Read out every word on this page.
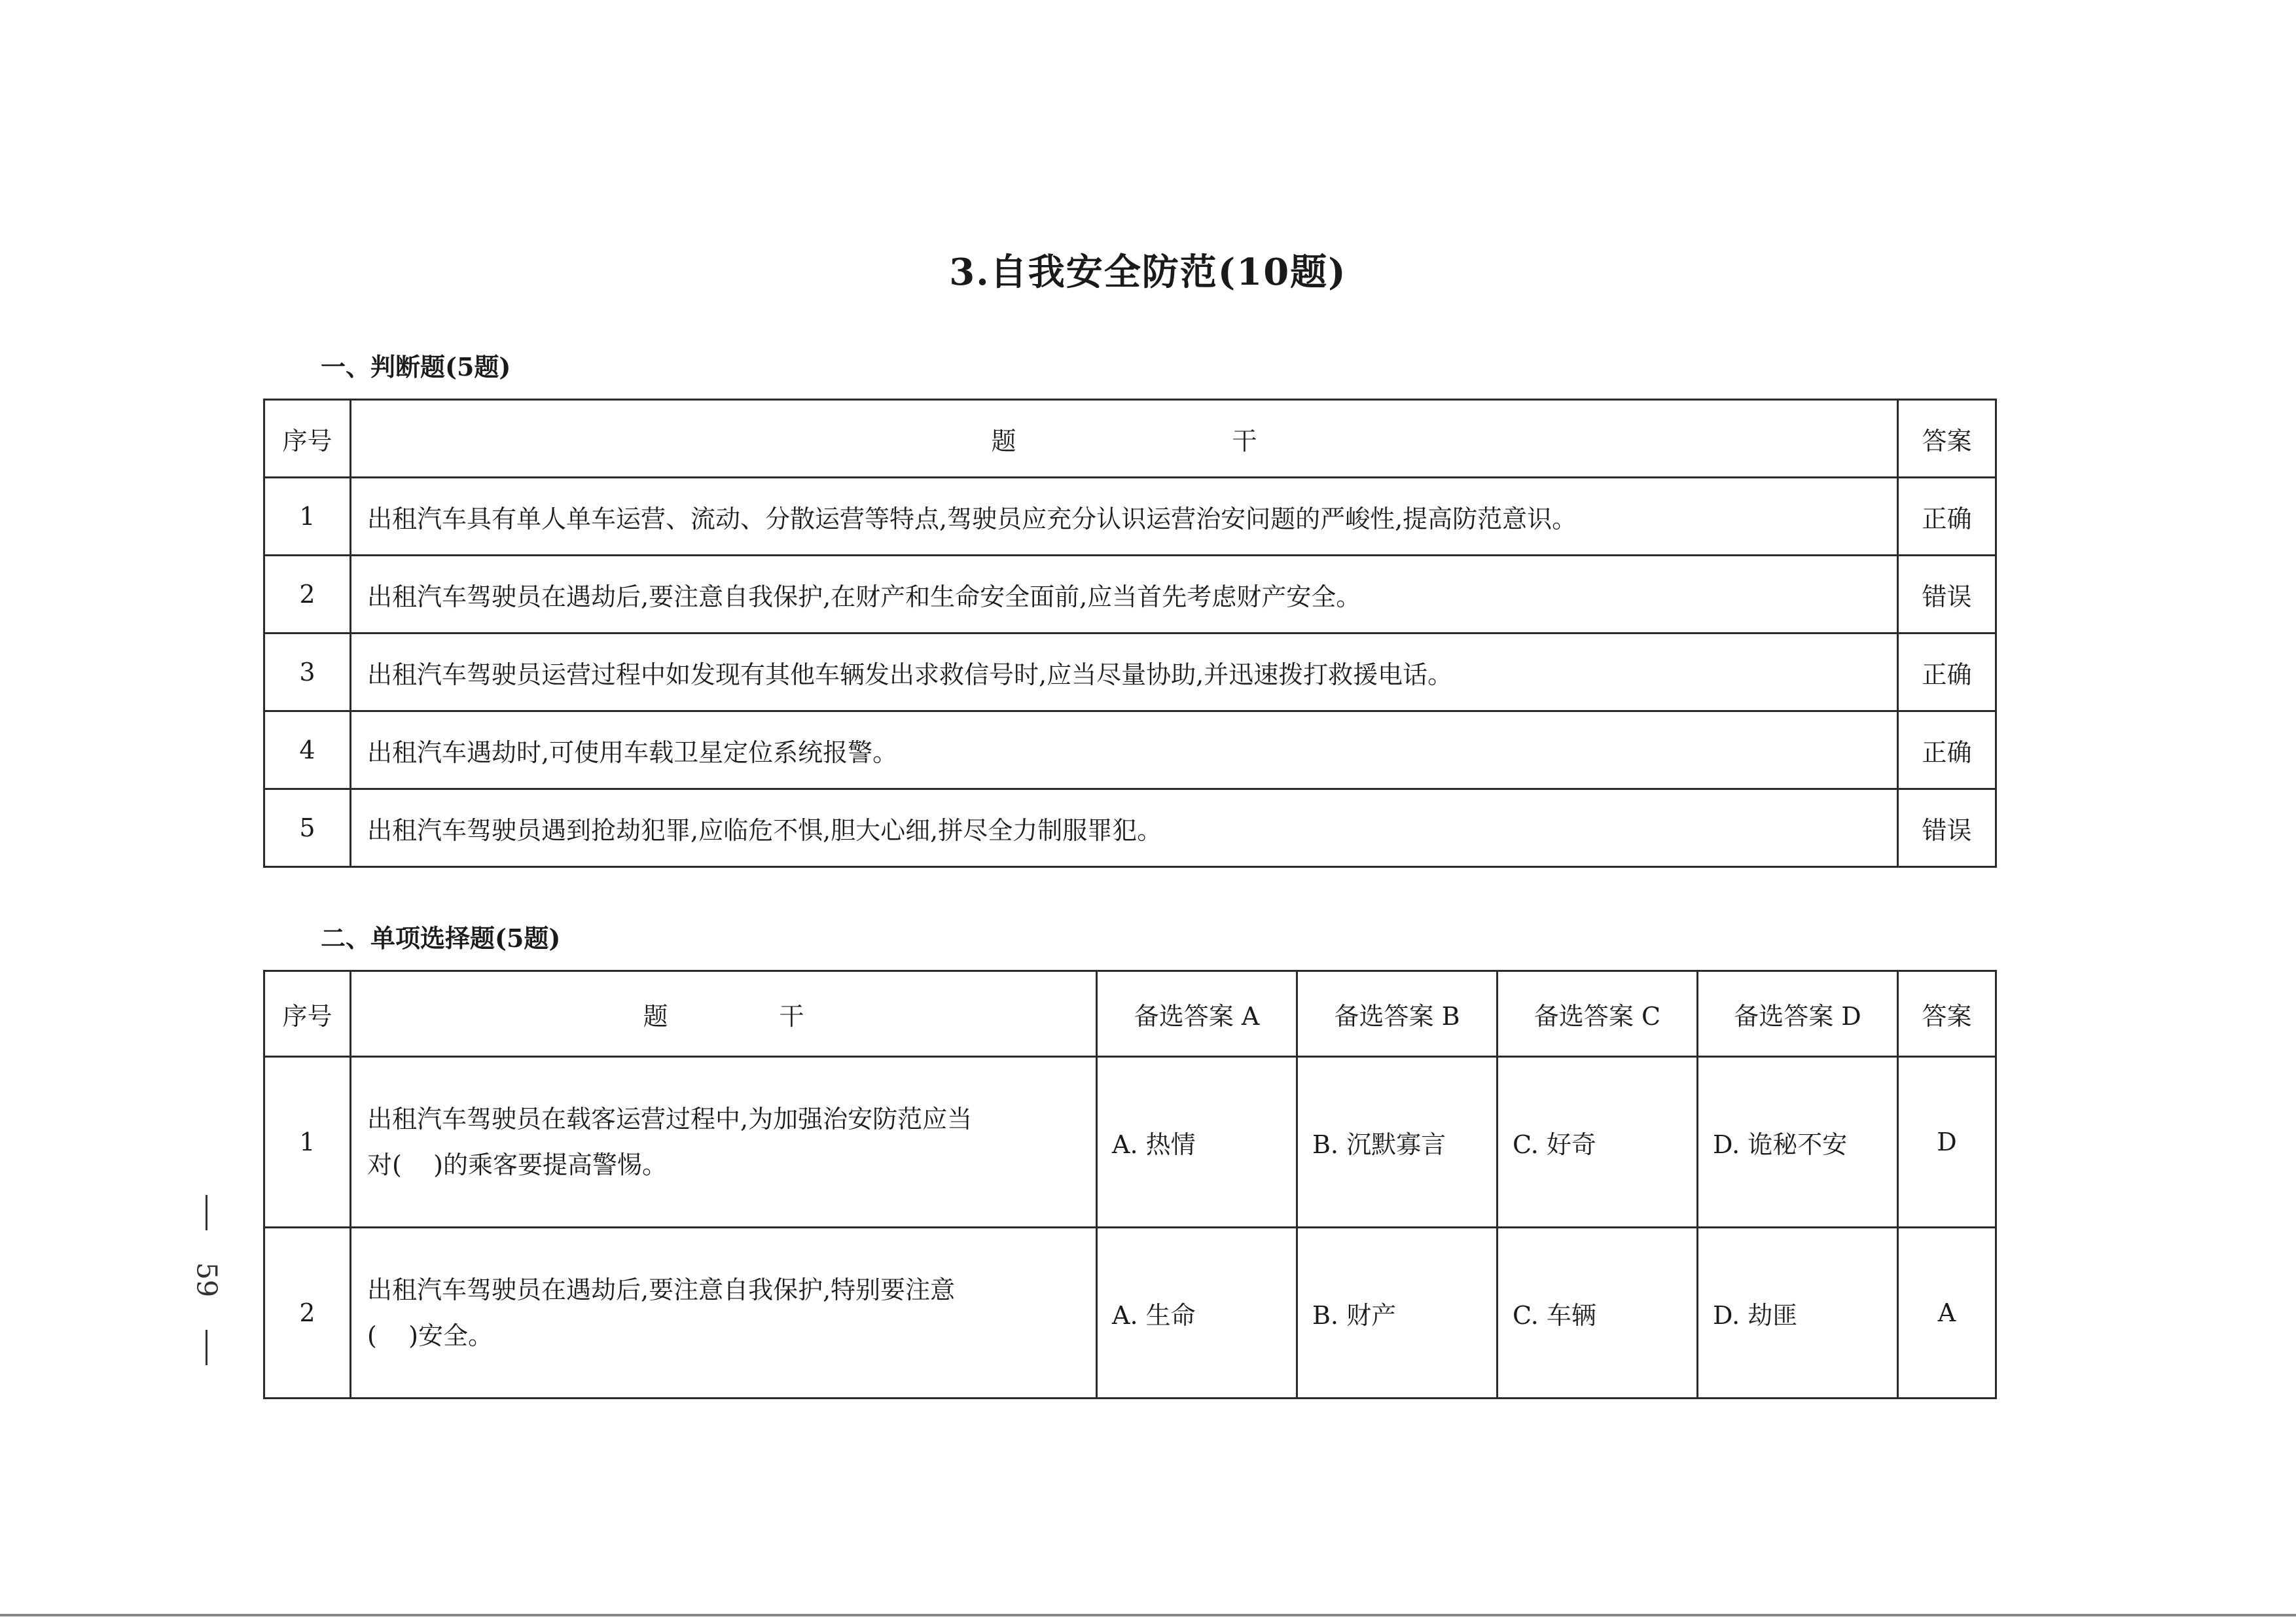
3.自我安全防范(10题)
一、判断题(5题)
序号	题 干	答案
1	出租汽车具有单人单车运营、流动、分散运营等特点,驾驶员应充分认识运营治安问题的严峻性,提高防范意识。	正确
2	出租汽车驾驶员在遇劫后,要注意自我保护,在财产和生命安全面前,应当首先考虑财产安全。	错误
3	出租汽车驾驶员运营过程中如发现有其他车辆发出求救信号时,应当尽量协助,并迅速拨打救援电话。	正确
4	出租汽车遇劫时,可使用车载卫星定位系统报警。	正确
5	出租汽车驾驶员遇到抢劫犯罪,应临危不惧,胆大心细,拼尽全力制服罪犯。	错误
二、单项选择题(5题)
序号	题 干	备选答案 A	备选答案 B	备选答案 C	备选答案 D	答案
1	出租汽车驾驶员在载客运营过程中,为加强治安防范应当
对(    )的乘客要提高警惕。	A. 热情	B. 沉默寡言	C. 好奇	D. 诡秘不安	D
2	出租汽车驾驶员在遇劫后,要注意自我保护,特别要注意
(    )安全。	A. 生命	B. 财产	C. 车辆	D. 劫匪	A
59
